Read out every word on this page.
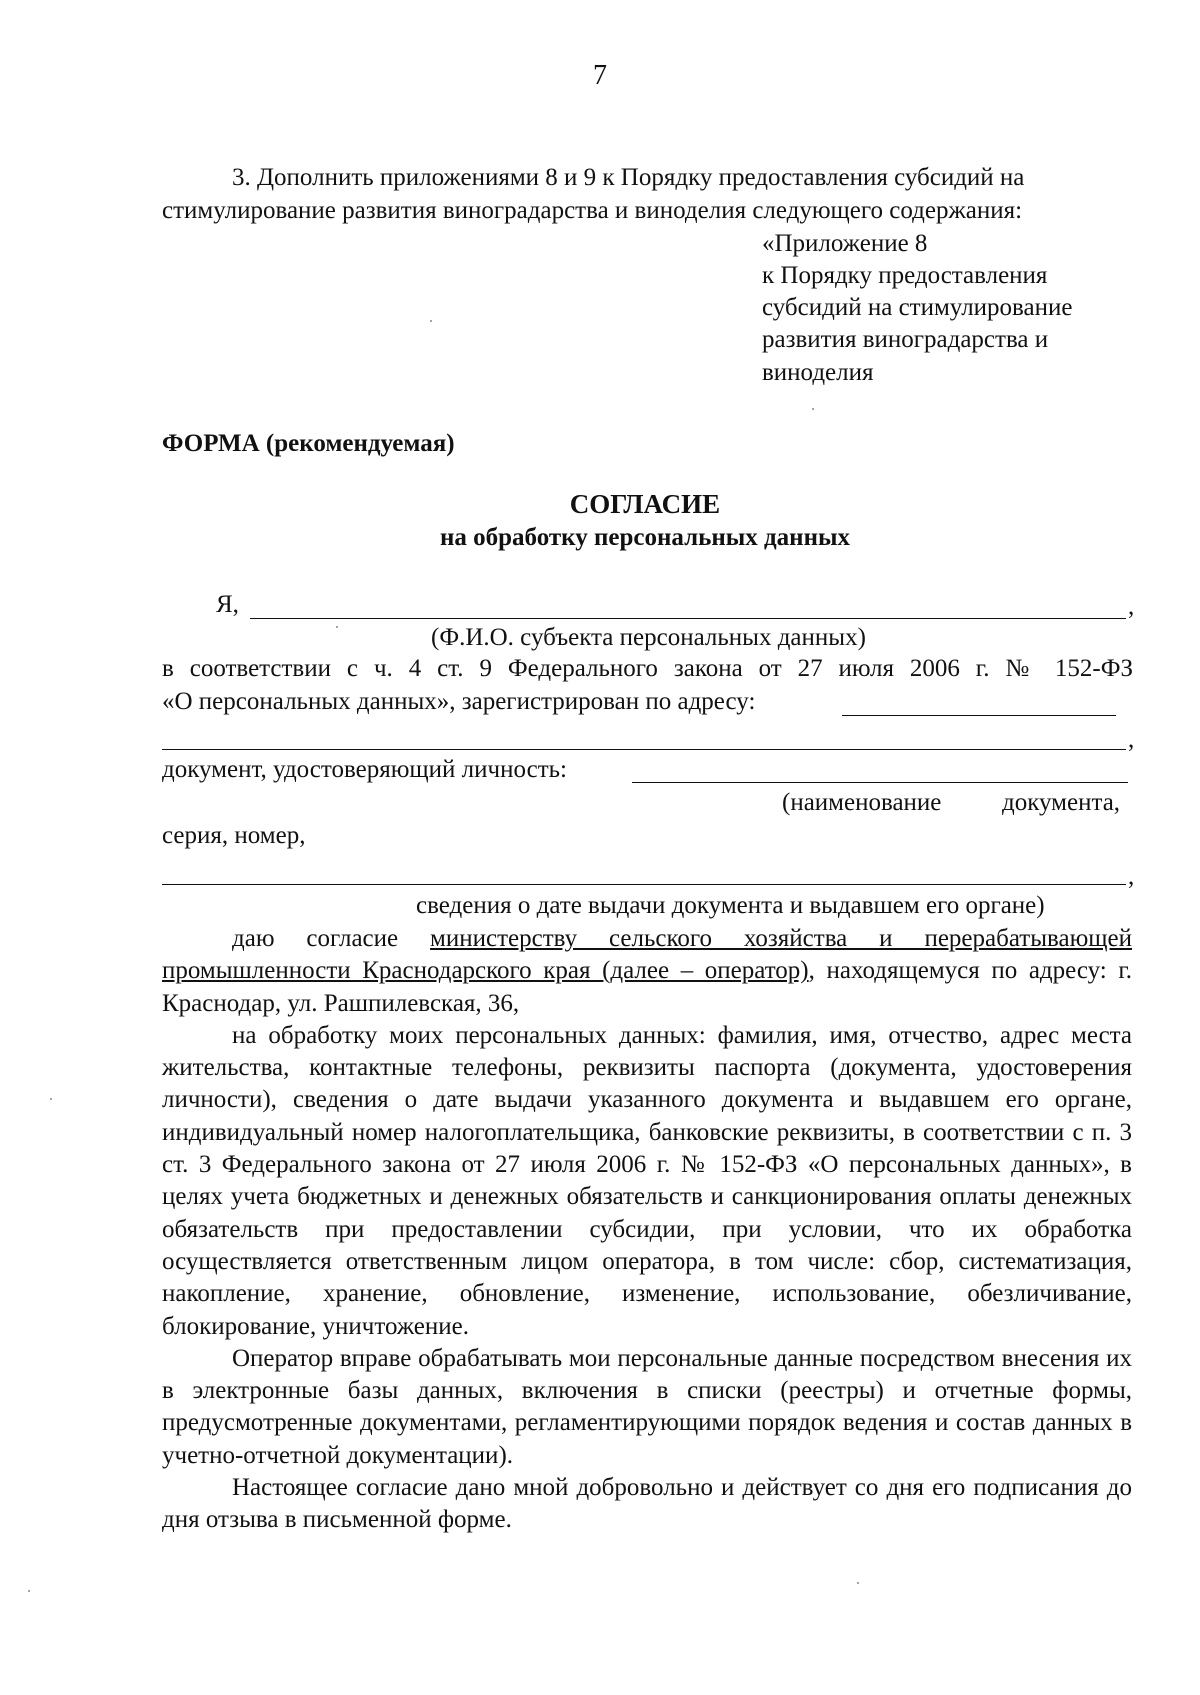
7
3. Дополнить приложениями 8 и 9 к Порядку предоставления субсидий на
стимулирование развития виноградарства и виноделия следующего содержания:
«Приложение 8
к Порядку предоставления
субсидий на стимулирование
развития виноградарства и
виноделия
ФОРМА (рекомендуемая)
СОГЛАСИЕ
на обработку персональных данных
Я,	,
(Ф.И.О. субъекта персональных данных)
в соответствии с ч. 4 ст. 9 Федерального закона от 27 июля 2006 г. № 152-ФЗ
«О персональных данных», зарегистрирован по адресу:
,
документ, удостоверяющий личность:
(наименование документа,
серия, номер,
,
сведения о дате выдачи документа и выдавшем его органе)

даю согласие министерству сельского хозяйства и перерабатывающей промышленности Краснодарского края (далее – оператор), находящемуся по адресу: г. Краснодар, ул. Рашпилевская, 36,

на обработку моих персональных данных: фамилия, имя, отчество, адрес места жительства, контактные телефоны, реквизиты паспорта (документа, удостоверения личности), сведения о дате выдачи указанного документа и выдавшем его органе, индивидуальный номер налогоплательщика, банковские реквизиты, в соответствии с п. 3 ст. 3 Федерального закона от 27 июля 2006 г. № 152-ФЗ «О персональных данных», в целях учета бюджетных и денежных обязательств и санкционирования оплаты денежных обязательств при предоставлении субсидии, при условии, что их обработка осуществляется ответственным лицом оператора, в том числе: сбор, систематизация, накопление, хранение, обновление, изменение, использование, обезличивание, блокирование, уничтожение.

Оператор вправе обрабатывать мои персональные данные посредством внесения их в электронные базы данных, включения в списки (реестры) и отчетные формы, предусмотренные документами, регламентирующими порядок ведения и состав данных в учетно-отчетной документации).

Настоящее согласие дано мной добровольно и действует со дня его подписания до дня отзыва в письменной форме.
